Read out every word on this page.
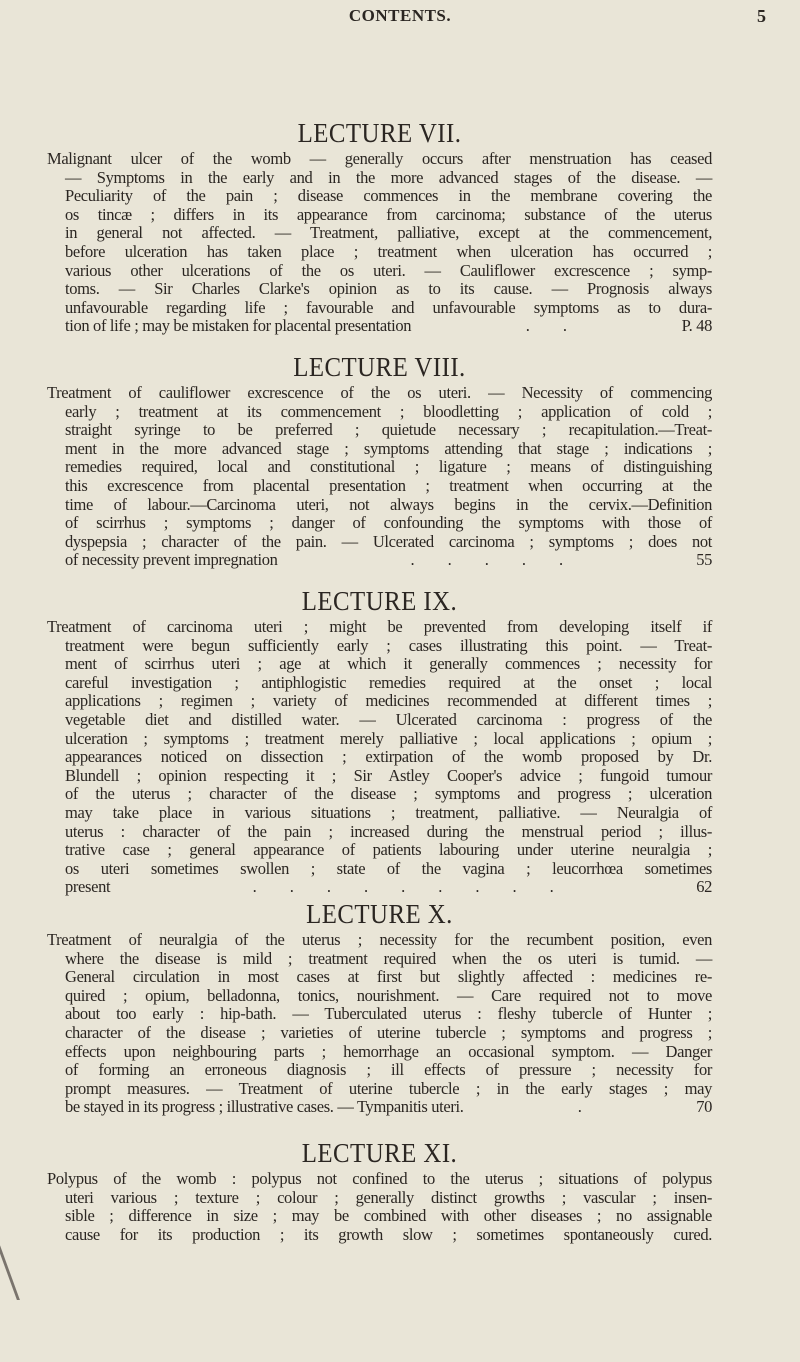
CONTENTS.	5
LECTURE VII.
Malignant ulcer of the womb — generally occurs after menstruation has ceased
— Symptoms in the early and in the more advanced stages of the disease. —
Peculiarity of the pain ; disease commences in the membrane covering the
os tincæ ; differs in its appearance from carcinoma; substance of the uterus
in general not affected. — Treatment, palliative, except at the commencement,
before ulceration has taken place ; treatment when ulceration has occurred ;
various other ulcerations of the os uteri. — Cauliflower excrescence ; symp-
toms. — Sir Charles Clarke's opinion as to its cause. — Prognosis always
unfavourable regarding life ; favourable and unfavourable symptoms as to dura-
tion of life ; may be mistaken for placental presentation	.        .	P. 48
LECTURE VIII.
Treatment of cauliflower excrescence of the os uteri. — Necessity of commencing
early ; treatment at its commencement ; bloodletting ; application of cold ;
straight syringe to be preferred ; quietude necessary ; recapitulation.—Treat-
ment in the more advanced stage ; symptoms attending that stage ; indications ;
remedies required, local and constitutional ; ligature ; means of distinguishing
this excrescence from placental presentation ; treatment when occurring at the
time of labour.—Carcinoma uteri, not always begins in the cervix.—Definition
of scirrhus ; symptoms ; danger of confounding the symptoms with those of
dyspepsia ; character of the pain. — Ulcerated carcinoma ; symptoms ; does not
of necessity prevent impregnation	.        .        .        .        .	55
LECTURE IX.
Treatment of carcinoma uteri ; might be prevented from developing itself if
treatment were begun sufficiently early ; cases illustrating this point. — Treat-
ment of scirrhus uteri ; age at which it generally commences ; necessity for
careful investigation ; antiphlogistic remedies required at the onset ; local
applications ; regimen ; variety of medicines recommended at different times ;
vegetable diet and distilled water. — Ulcerated carcinoma : progress of the
ulceration ; symptoms ; treatment merely palliative ; local applications ; opium ;
appearances noticed on dissection ; extirpation of the womb proposed by Dr.
Blundell ; opinion respecting it ; Sir Astley Cooper's advice ; fungoid tumour
of the uterus ; character of the disease ; symptoms and progress ; ulceration
may take place in various situations ; treatment, palliative. — Neuralgia of
uterus : character of the pain ; increased during the menstrual period ; illus-
trative case ; general appearance of patients labouring under uterine neuralgia ;
os uteri sometimes swollen ; state of the vagina ; leucorrhœa sometimes
present	.        .        .        .        .        .        .        .        .	62
LECTURE X.
Treatment of neuralgia of the uterus ; necessity for the recumbent position, even
where the disease is mild ; treatment required when the os uteri is tumid. —
General circulation in most cases at first but slightly affected : medicines re-
quired ; opium, belladonna, tonics, nourishment. — Care required not to move
about too early : hip-bath. — Tuberculated uterus : fleshy tubercle of Hunter ;
character of the disease ; varieties of uterine tubercle ; symptoms and progress ;
effects upon neighbouring parts ; hemorrhage an occasional symptom. — Danger
of forming an erroneous diagnosis ; ill effects of pressure ; necessity for
prompt measures. — Treatment of uterine tubercle ; in the early stages ; may
be stayed in its progress ; illustrative cases. — Tympanitis uteri.	.	70
LECTURE XI.
Polypus of the womb : polypus not confined to the uterus ; situations of polypus
uteri various ; texture ; colour ; generally distinct growths ; vascular ; insen-
sible ; difference in size ; may be combined with other diseases ; no assignable
cause for its production ; its growth slow ; sometimes spontaneously cured.
